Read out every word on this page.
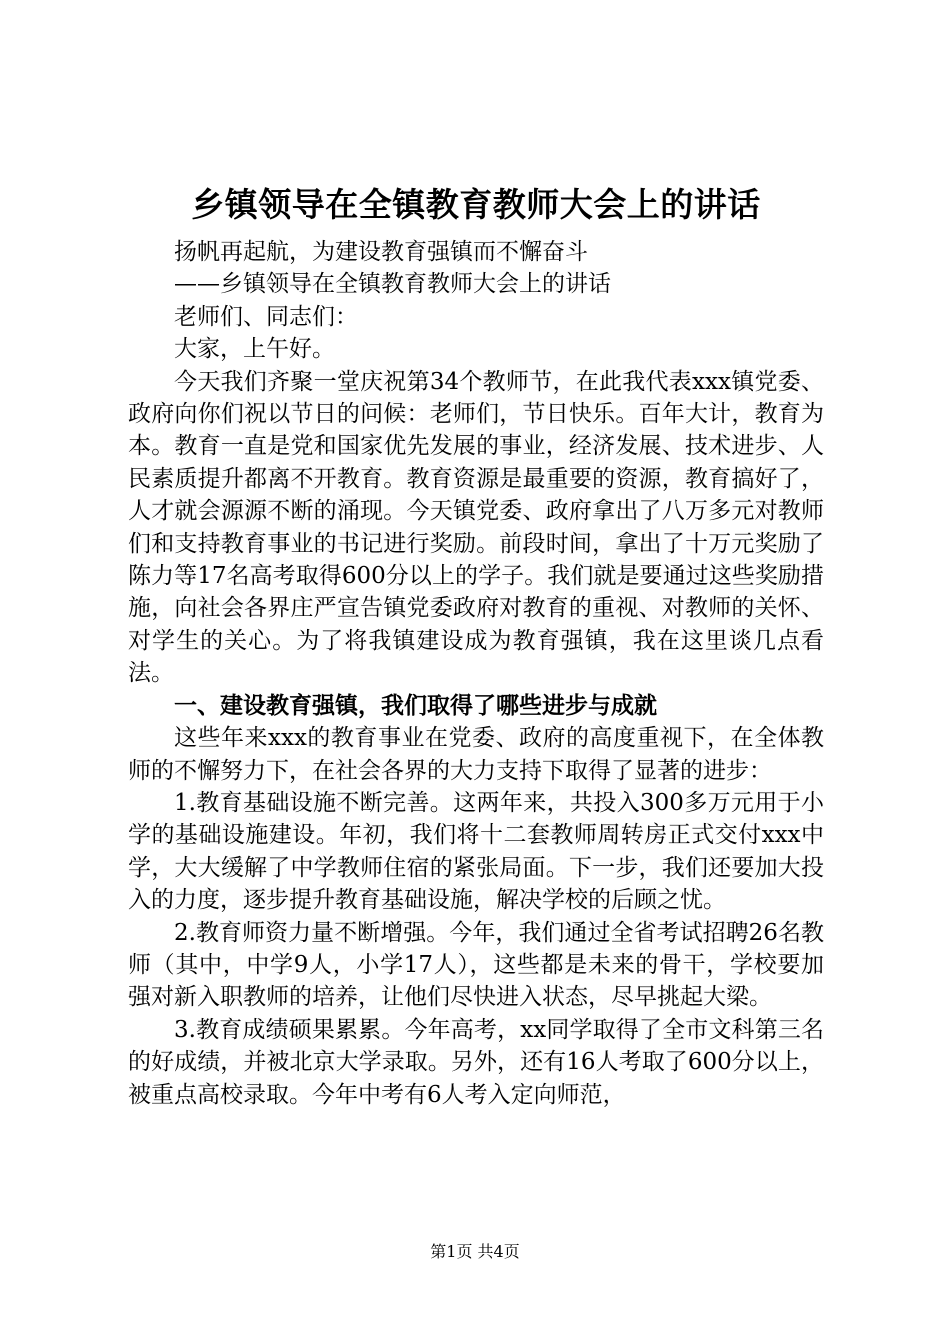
乡镇领导在全镇教育教师大会上的讲话

扬帆再起航，为建设教育强镇而不懈奋斗

——乡镇领导在全镇教育教师大会上的讲话

老师们、同志们：

大家，上午好。

今天我们齐聚一堂庆祝第34个教师节，在此我代表xxx镇党委、政府向你们祝以节日的问候：老师们，节日快乐。百年大计，教育为本。教育一直是党和国家优先发展的事业，经济发展、技术进步、人民素质提升都离不开教育。教育资源是最重要的资源，教育搞好了，人才就会源源不断的涌现。今天镇党委、政府拿出了八万多元对教师们和支持教育事业的书记进行奖励。前段时间，拿出了十万元奖励了陈力等17名高考取得600分以上的学子。我们就是要通过这些奖励措施，向社会各界庄严宣告镇党委政府对教育的重视、对教师的关怀、对学生的关心。为了将我镇建设成为教育强镇，我在这里谈几点看法。

一、建设教育强镇，我们取得了哪些进步与成就

这些年来xxx的教育事业在党委、政府的高度重视下，在全体教师的不懈努力下，在社会各界的大力支持下取得了显著的进步：

1.教育基础设施不断完善。这两年来，共投入300多万元用于小学的基础设施建设。年初，我们将十二套教师周转房正式交付xxx中学，大大缓解了中学教师住宿的紧张局面。下一步，我们还要加大投入的力度，逐步提升教育基础设施，解决学校的后顾之忧。

2.教育师资力量不断增强。今年，我们通过全省考试招聘26名教师（其中，中学9人，小学17人），这些都是未来的骨干，学校要加强对新入职教师的培养，让他们尽快进入状态，尽早挑起大梁。

3.教育成绩硕果累累。今年高考，xx同学取得了全市文科第三名的好成绩，并被北京大学录取。另外，还有16人考取了600分以上，被重点高校录取。今年中考有6人考入定向师范，

第1页 共4页
